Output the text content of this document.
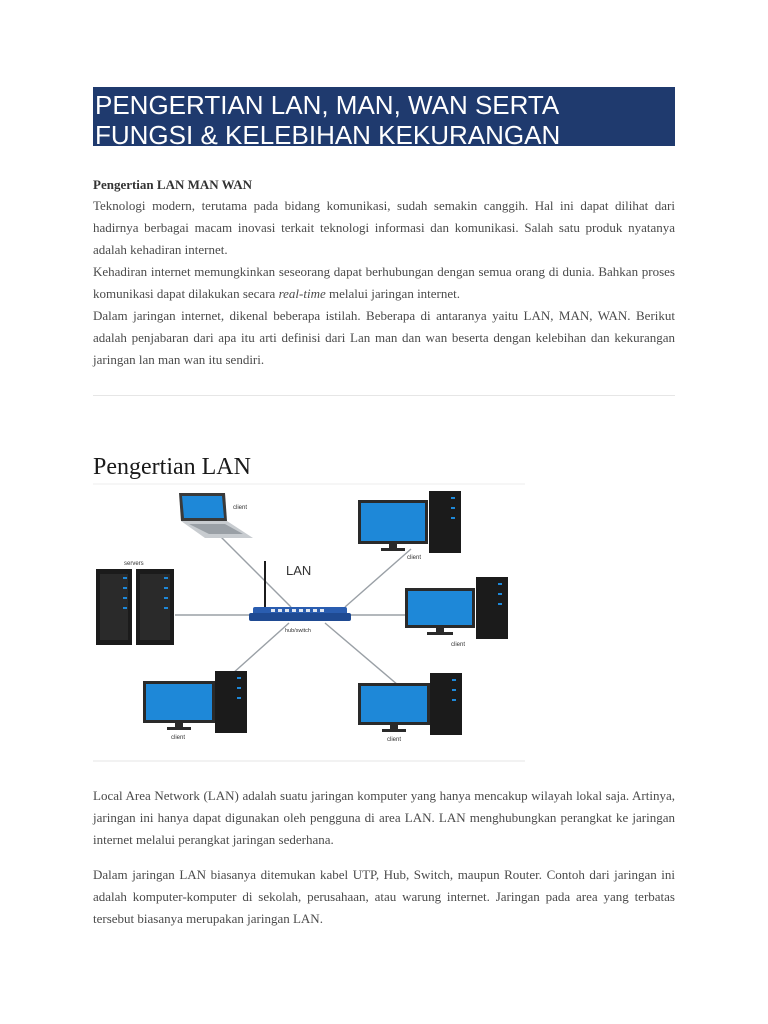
PENGERTIAN LAN, MAN, WAN SERTA
FUNGSI & KELEBIHAN KEKURANGAN
Pengertian LAN MAN WAN

Teknologi modern, terutama pada bidang komunikasi, sudah semakin canggih. Hal ini dapat dilihat dari hadirnya berbagai macam inovasi terkait teknologi informasi dan komunikasi. Salah satu produk nyatanya adalah kehadiran internet.

Kehadiran internet memungkinkan seseorang dapat berhubungan dengan semua orang di dunia. Bahkan proses komunikasi dapat dilakukan secara real-time melalui jaringan internet.

Dalam jaringan internet, dikenal beberapa istilah. Beberapa di antaranya yaitu LAN, MAN, WAN. Berikut adalah penjabaran dari apa itu arti definisi dari Lan man dan wan beserta dengan kelebihan dan kekurangan jaringan lan man wan itu sendiri.

Pengertian LAN
client
servers	LAN
hub/switch
client
client
client	client

Local Area Network (LAN) adalah suatu jaringan komputer yang hanya mencakup wilayah lokal saja. Artinya, jaringan ini hanya dapat digunakan oleh pengguna di area LAN. LAN menghubungkan perangkat ke jaringan internet melalui perangkat jaringan sederhana.

Dalam jaringan LAN biasanya ditemukan kabel UTP, Hub, Switch, maupun Router. Contoh dari jaringan ini adalah komputer-komputer di sekolah, perusahaan, atau warung internet. Jaringan pada area yang terbatas tersebut biasanya merupakan jaringan LAN.
